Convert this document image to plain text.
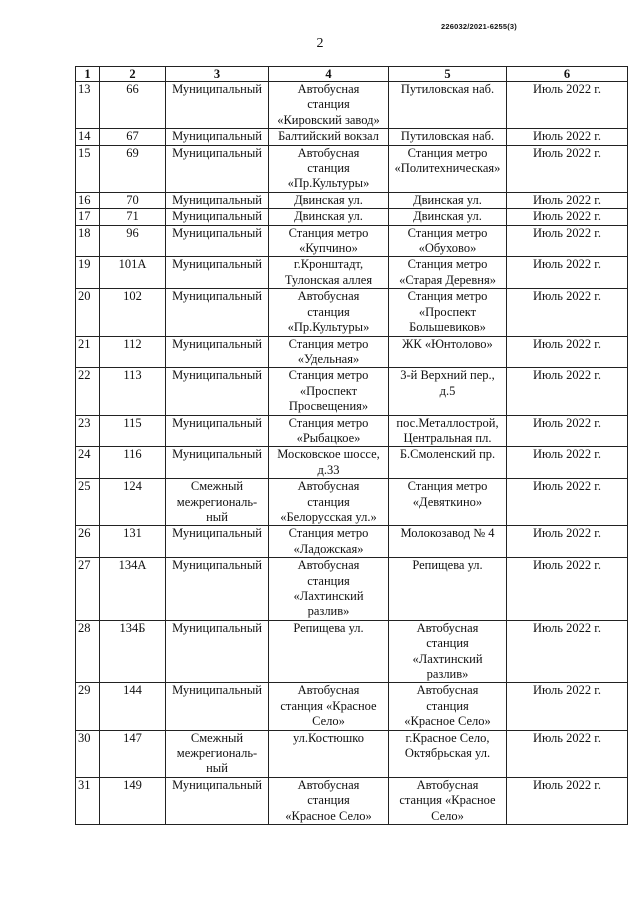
226032/2021-6255(3)
2
1	2	3	4	5	6
13	66	Муниципальный	Автобусная
станция
«Кировский завод»	Путиловская наб.	Июль 2022 г.
14	67	Муниципальный	Балтийский вокзал	Путиловская наб.	Июль 2022 г.
15	69	Муниципальный	Автобусная
станция
«Пр.Культуры»	Станция метро
«Политехническая»	Июль 2022 г.
16	70	Муниципальный	Двинская ул.	Двинская ул.	Июль 2022 г.
17	71	Муниципальный	Двинская ул.	Двинская ул.	Июль 2022 г.
18	96	Муниципальный	Станция метро
«Купчино»	Станция метро
«Обухово»	Июль 2022 г.
19	101А	Муниципальный	г.Кронштадт,
Тулонская аллея	Станция метро
«Старая Деревня»	Июль 2022 г.
20	102	Муниципальный	Автобусная
станция
«Пр.Культуры»	Станция метро
«Проспект
Большевиков»	Июль 2022 г.
21	112	Муниципальный	Станция метро
«Удельная»	ЖК «Юнтолово»	Июль 2022 г.
22	113	Муниципальный	Станция метро
«Проспект
Просвещения»	3-й Верхний пер.,
д.5	Июль 2022 г.
23	115	Муниципальный	Станция метро
«Рыбацкое»	пос.Металлострой,
Центральная пл.	Июль 2022 г.
24	116	Муниципальный	Московское шоссе,
д.33	Б.Смоленский пр.	Июль 2022 г.
25	124	Смежный
межрегиональ-
ный	Автобусная
станция
«Белорусская ул.»	Станция метро
«Девяткино»	Июль 2022 г.
26	131	Муниципальный	Станция метро
«Ладожская»	Молокозавод № 4	Июль 2022 г.
27	134А	Муниципальный	Автобусная
станция
«Лахтинский
разлив»	Репищева ул.	Июль 2022 г.
28	134Б	Муниципальный	Репищева ул.	Автобусная
станция
«Лахтинский
разлив»	Июль 2022 г.
29	144	Муниципальный	Автобусная
станция «Красное
Село»	Автобусная
станция
«Красное Село»	Июль 2022 г.
30	147	Смежный
межрегиональ-
ный	ул.Костюшко	г.Красное Село,
Октябрьская ул.	Июль 2022 г.
31	149	Муниципальный	Автобусная
станция
«Красное Село»	Автобусная
станция «Красное
Село»	Июль 2022 г.
